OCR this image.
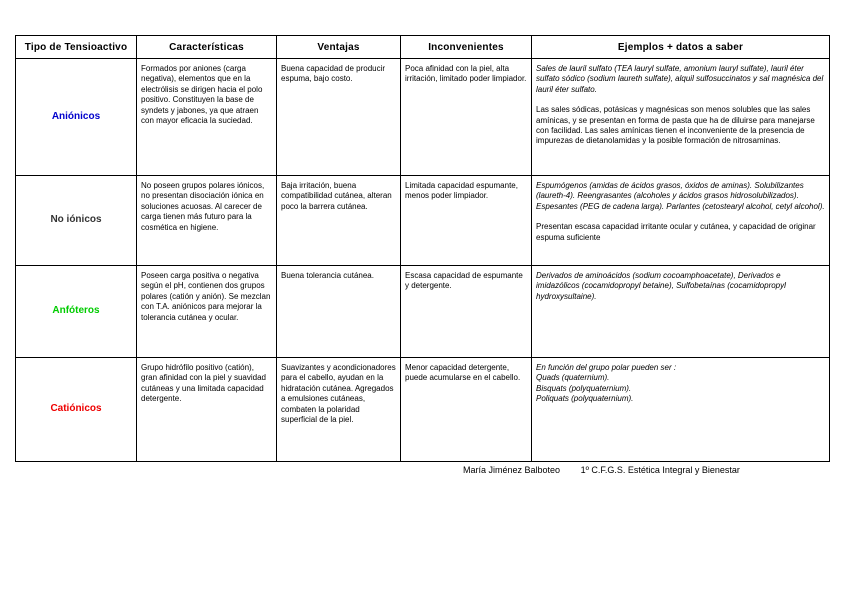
Tipo de Tensioactivo	Características	Ventajas	Inconvenientes	Ejemplos + datos a saber
Aniónicos	Formados por aniones (carga negativa), elementos que en la electrólisis se dirigen hacia el polo positivo. Constituyen la base de syndets y jabones, ya que atraen con mayor eficacia la suciedad.	Buena capacidad de producir espuma, bajo costo.	Poca afinidad con la piel, alta irritación, limitado poder limpiador.	Sales de lauril sulfato (TEA lauryl sulfate, amonium lauryl sulfate), lauril éter sulfato sódico (sodium laureth sulfate), alquil sulfosuccinatos y sal magnésica del lauril éter sulfato.
Las sales sódicas, potásicas y magnésicas son menos solubles que las sales amínicas, y se presentan en forma de pasta que ha de diluirse para manejarse con facilidad. Las sales amínicas tienen el inconveniente de la presencia de impurezas de dietanolamidas y la posible formación de nitrosaminas.

No iónicos	No poseen grupos polares iónicos, no presentan disociación iónica en soluciones acuosas. Al carecer de carga tienen más futuro para la cosmética en higiene.	Baja irritación, buena compatibilidad cutánea, alteran poco la barrera cutánea.	Limitada capacidad espumante, menos poder limpiador.	Espumógenos (amidas de ácidos grasos, óxidos de aminas). Solubilizantes (laureth-4). Reengrasantes (alcoholes y ácidos grasos hidrosolubilizados). Espesantes (PEG de cadena larga). Parlantes (cetostearyl alcohol, cetyl alcohol).
Presentan escasa capacidad irritante ocular y cutánea, y capacidad de originar espuma suficiente

Anfóteros	Poseen carga positiva o negativa según el pH, contienen dos grupos polares (catión y anión). Se mezclan con T.A. aniónicos para mejorar la tolerancia cutánea y ocular.	Buena tolerancia cutánea.	Escasa capacidad de espumante y detergente.	Derivados de aminoácidos (sodium cocoamphoacetate), Derivados e imidazólicos (cocamidopropyl betaine), Sulfobetaínas (cocamidopropyl hydroxysultaine).
Catiónicos	Grupo hidrófilo positivo (catión), gran afinidad con la piel y suavidad cutáneas y una limitada capacidad detergente.	Suavizantes y acondicionadores para el cabello, ayudan en la hidratación cutánea. Agregados a emulsiones cutáneas, combaten la polaridad superficial de la piel.	Menor capacidad detergente, puede acumularse en el cabello.	En función del grupo polar pueden ser :
Quads (quaternium).
Bisquats (polyquaternium).
Poliquats (polyquaternium).
María Jiménez Balboteo 1º C.F.G.S. Estética Integral y Bienestar
